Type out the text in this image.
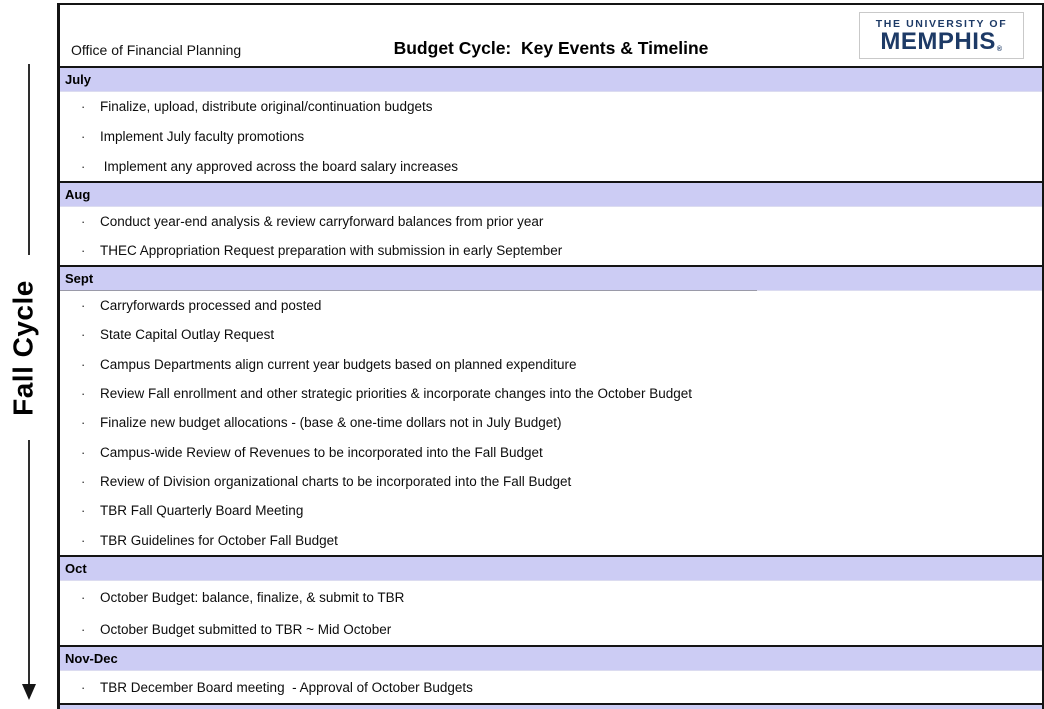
Fall Cycle
Office of Financial Planning	Budget Cycle:  Key Events & Timeline
THE UNIVERSITY OF
MEMPHIS ®
July
·	Finalize, upload, distribute original/continuation budgets
·	Implement July faculty promotions
·	Implement any approved across the board salary increases
Aug
·	Conduct year-end analysis & review carryforward balances from prior year
·	THEC Appropriation Request preparation with submission in early September
Sept
·	Carryforwards processed and posted
·	State Capital Outlay Request
·	Campus Departments align current year budgets based on planned expenditure
·	Review Fall enrollment and other strategic priorities & incorporate changes into the October Budget
·	Finalize new budget allocations - (base & one-time dollars not in July Budget)
·	Campus-wide Review of Revenues to be incorporated into the Fall Budget
·	Review of Division organizational charts to be incorporated into the Fall Budget
·	TBR Fall Quarterly Board Meeting
·	TBR Guidelines for October Fall Budget
Oct
·	October Budget: balance, finalize, & submit to TBR
·	October Budget submitted to TBR ~ Mid October
Nov-Dec
·	TBR December Board meeting  - Approval of October Budgets
